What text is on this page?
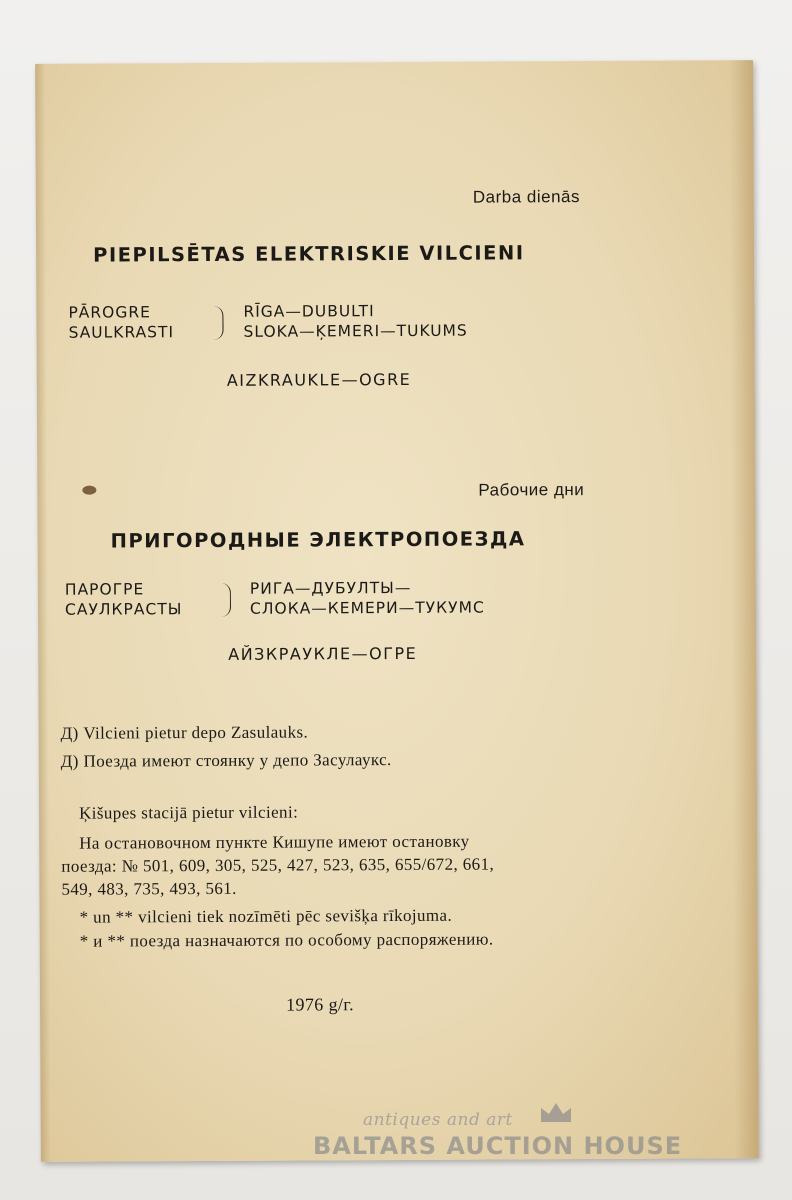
Darba dienās
PIEPILSĒTAS ELEKTRISKIE VILCIENI
PĀROGRE
SAULKRASTI
RĪGA—DUBULTI
SLOKA—ĶEMERI—TUKUMS
AIZKRAUKLE—OGRE
Рабочие дни
ПРИГОРОДНЫЕ ЭЛЕКТРОПОЕЗДА
ПАРОГРЕ
САУЛКРАСТЫ
РИГА—ДУБУЛТЫ—
СЛОКА—КЕМЕРИ—ТУКУМС
АЙЗКРАУКЛЕ—ОГРЕ
Д) Vilcieni pietur depo Zasulauks.
Д) Поезда имеют стоянку у депо Засулаукс.
Ķišupes stacijā pietur vilcieni:
На остановочном пункте Кишупе имеют остановку
поезда: № 501, 609, 305, 525, 427, 523, 635, 655/672, 661,
549, 483, 735, 493, 561.
* un ** vilcieni tiek nozīmēti pēc sevišķa rīkojuma.
* и ** поезда назначаются по особому распоряжению.
1976 g/г.
antiques and art
BALTARS AUCTION HOUSE
